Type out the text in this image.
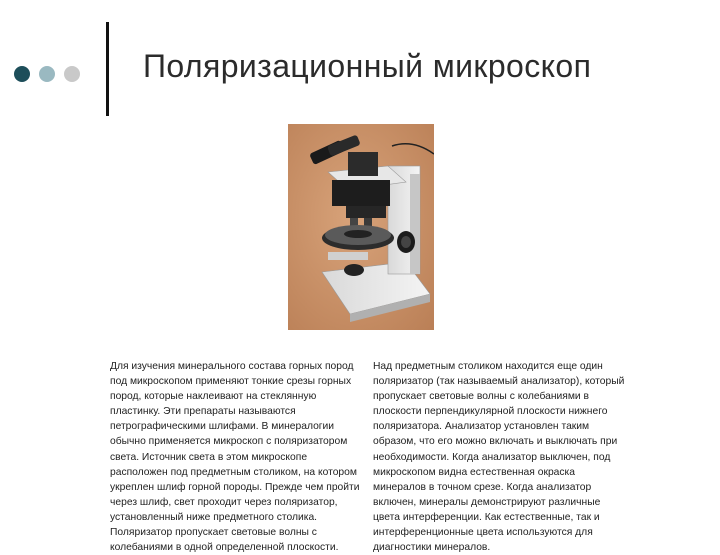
Поляризационный микроскоп
Для изучения минерального состава горных пород под микроскопом применяют тонкие срезы горных пород, которые наклеивают на стеклянную пластинку. Эти препараты называются петрографическими шлифами. В минералогии обычно применяется микроскоп с поляризатором света. Источник света в этом микроскопе расположен под предметным столиком, на котором укреплен шлиф горной породы. Прежде чем пройти через шлиф, свет проходит через поляризатор, установленный ниже предметного столика. Поляризатор пропускает световые волны с колебаниями в одной определенной плоскости.
Над предметным столиком находится еще один поляризатор (так называемый анализатор), который пропускает световые волны с колебаниями в плоскости перпендикулярной плоскости нижнего поляризатора. Анализатор установлен таким образом, что его можно включать и выключать при необходимости. Когда анализатор выключен, под микроскопом видна естественная окраска минералов в точном срезе. Когда анализатор включен, минералы демонстрируют различные цвета интерференции. Как естественные, так и интерференционные цвета используются для диагностики минералов.
